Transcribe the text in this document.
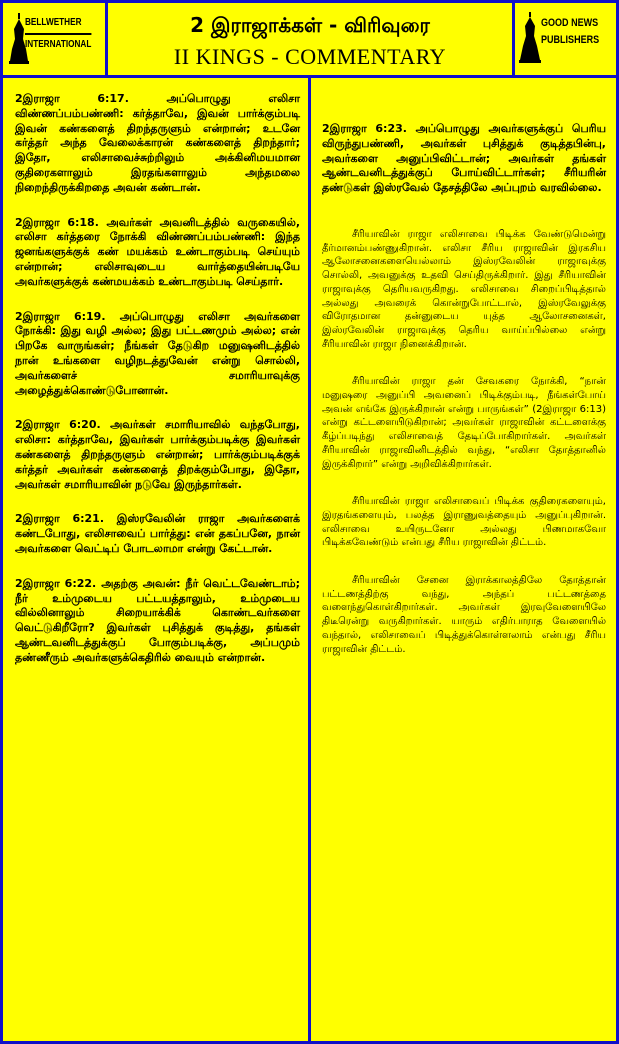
BELLWETHER
INTERNATIONAL
2 இராஜாக்கள் - விரிவுரை
II KINGS - COMMENTARY
GOOD NEWS
PUBLISHERS

2இராஜா 6:17. அப்பொழுது எலிசா விண்ணப்பம்பண்ணி: கர்த்தாவே, இவன் பார்க்கும்படி இவன் கண்களைத் திறந்தருளும் என்றான்; உடனே கர்த்தர் அந்த வேலைக்காரன் கண்களைத் திறந்தார்; இதோ, எலிசாவைச்சுற்றிலும் அக்கினிமயமான குதிரைகளாலும் இரதங்களாலும் அந்தமலை நிறைந்திருக்கிறதை அவன் கண்டான்.

2இராஜா 6:18. அவர்கள் அவனிடத்தில் வருகையில், எலிசா கர்த்தரை நோக்கி விண்ணப்பம்பண்ணி: இந்த ஜனங்களுக்குக் கண் மயக்கம் உண்டாகும்படி செய்யும் என்றான்; எலிசாவுடைய வார்த்தையின்படியே அவர்களுக்குக் கண்மயக்கம் உண்டாகும்படி செய்தார்.

2இராஜா 6:19. அப்பொழுது எலிசா அவர்களை நோக்கி: இது வழி அல்ல; இது பட்டணமும் அல்ல; என் பிறகே வாருங்கள்; நீங்கள் தேடுகிற மனுஷனிடத்தில் நான் உங்களை வழிநடத்துவேன் என்று சொல்லி, அவர்களைச் சமாரியாவுக்கு அழைத்துக்கொண்டுபோனான்.

2இராஜா 6:20. அவர்கள் சமாரியாவில் வந்தபோது, எலிசா: கர்த்தாவே, இவர்கள் பார்க்கும்படிக்கு இவர்கள் கண்களைத் திறந்தருளும் என்றான்; பார்க்கும்படிக்குக் கர்த்தர் அவர்கள் கண்களைத் திறக்கும்போது, இதோ, அவர்கள் சமாரியாவின் நடுவே இருந்தார்கள்.

2இராஜா 6:21. இஸ்ரவேலின் ராஜா அவர்களைக் கண்டபோது, எலிசாவைப் பார்த்து: என் தகப்பனே, நான் அவர்களை வெட்டிப் போடலாமா என்று கேட்டான்.

2இராஜா 6:22. அதற்கு அவன்: நீர் வெட்டவேண்டாம்; நீர் உம்முடைய பட்டயத்தாலும், உம்முடைய வில்லினாலும் சிறையாக்கிக் கொண்டவர்களை வெட்டுகிறீரோ? இவர்கள் புசித்துக் குடித்து, தங்கள் ஆண்டவனிடத்துக்குப் போகும்படிக்கு, அப்பமும் தண்ணீரும் அவர்களுக்கெதிரில் வையும் என்றான்.

2இராஜா 6:23. அப்பொழுது அவர்களுக்குப் பெரிய விருந்துபண்ணி, அவர்கள் புசித்துக் குடித்தபின்பு, அவர்களை அனுப்பிவிட்டான்; அவர்கள் தங்கள் ஆண்டவனிடத்துக்குப் போய்விட்டார்கள்; சீரியரின் தண்டுகள் இஸ்ரவேல் தேசத்திலே அப்புறம் வரவில்லை.

சீரியாவின் ராஜா எலிசாவை பிடிக்க வேண்டுமென்று தீர்மானம்பண்ணுகிறான். எலிசா சீரிய ராஜாவின் இரகசிய ஆலோசனைகளையெல்லாம் இஸ்ரவேலின் ராஜாவுக்கு சொல்லி, அவனுக்கு உதவி செய்திருக்கிறார். இது சீரியாவின் ராஜாவுக்கு தெரியவருகிறது. எலிசாவை சிறைப்பிடித்தால் அல்லது அவரைக் கொன்றுபோட்டால், இஸ்ரவேலுக்கு விரோதமான தன்னுடைய யுத்த ஆலோசனைகள், இஸ்ரவேலின் ராஜாவுக்கு தெரிய வாய்ப்பில்லை என்று சீரியாவின் ராஜா நினைக்கிறான்.

சீரியாவின் ராஜா தன் சேவகரை நோக்கி, “நான் மனுஷரை அனுப்பி அவனைப் பிடிக்கும்படி, நீங்கள்போய் அவன் எங்கே இருக்கிறான் என்று பாருங்கள்” (2இராஜா 6:13) என்று கட்டளையிடுகிறான்; அவர்கள் ராஜாவின் கட்டளைக்கு கீழ்ப்படிந்து எலிசாவைத் தேடிப்போகிறார்கள். அவர்கள் சீரியாவின் ராஜாவினிடத்தில் வந்து, “எலிசா தோத்தானில் இருக்கிறார்” என்று அறிவிக்கிறார்கள்.

சீரியாவின் ராஜா எலிசாவைப் பிடிக்க குதிரைகளையும், இரதங்களையும், பலத்த இராணுவத்தையும் அனுப்புகிறான். எலிசாவை உயிருடனோ அல்லது பிணமாகவோ பிடிக்கவேண்டும் என்பது சீரிய ராஜாவின் திட்டம்.

சீரியாவின் சேனை இராக்காலத்திலே தோத்தான் பட்டணத்திற்கு வந்து, அந்தப் பட்டணத்தை வளைந்துகொள்கிறார்கள். அவர்கள் இரவுவேளையிலே திடீரென்று வருகிறார்கள். யாரும் எதிர்பாராத வேளையில் வந்தால், எலிசாவைப் பிடித்துக்கொள்ளலாம் என்பது சீரிய ராஜாவின் திட்டம்.
